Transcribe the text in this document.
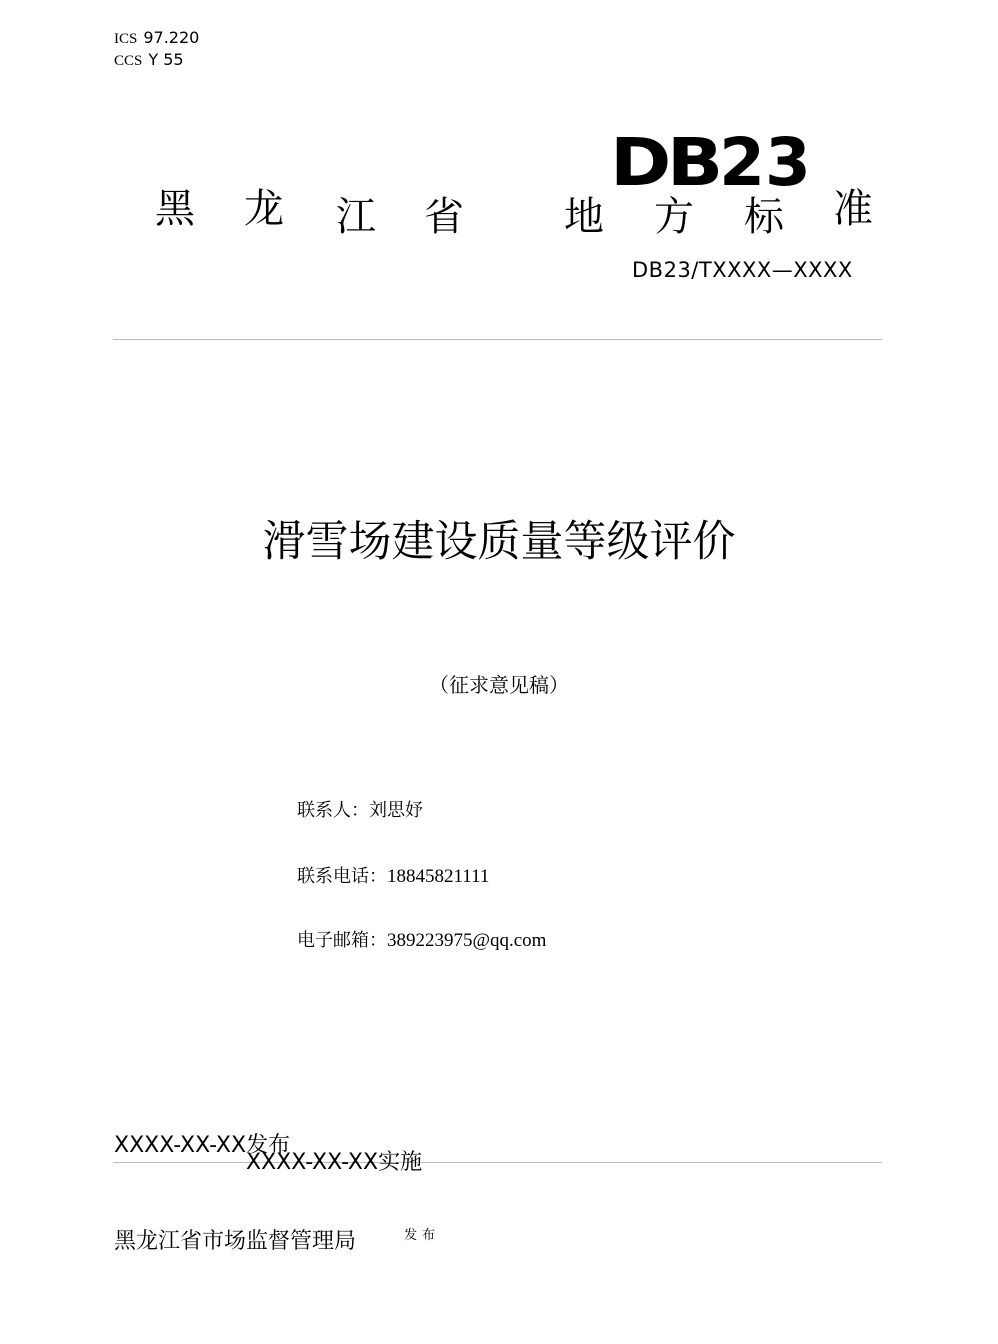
ICS 97.220
CCS Y 55
DB23
黑 龙 江 省	地 方 标 准
DB23/TXXXX—XXXX
滑雪场建设质量等级评价
（征求意见稿）
联系人：刘思妤
联系电话：18845821111
电子邮箱：389223975@qq.com
XXXX-XX-XX发布
XXXX-XX-XX实施
黑龙江省市场监督管理局	发布
